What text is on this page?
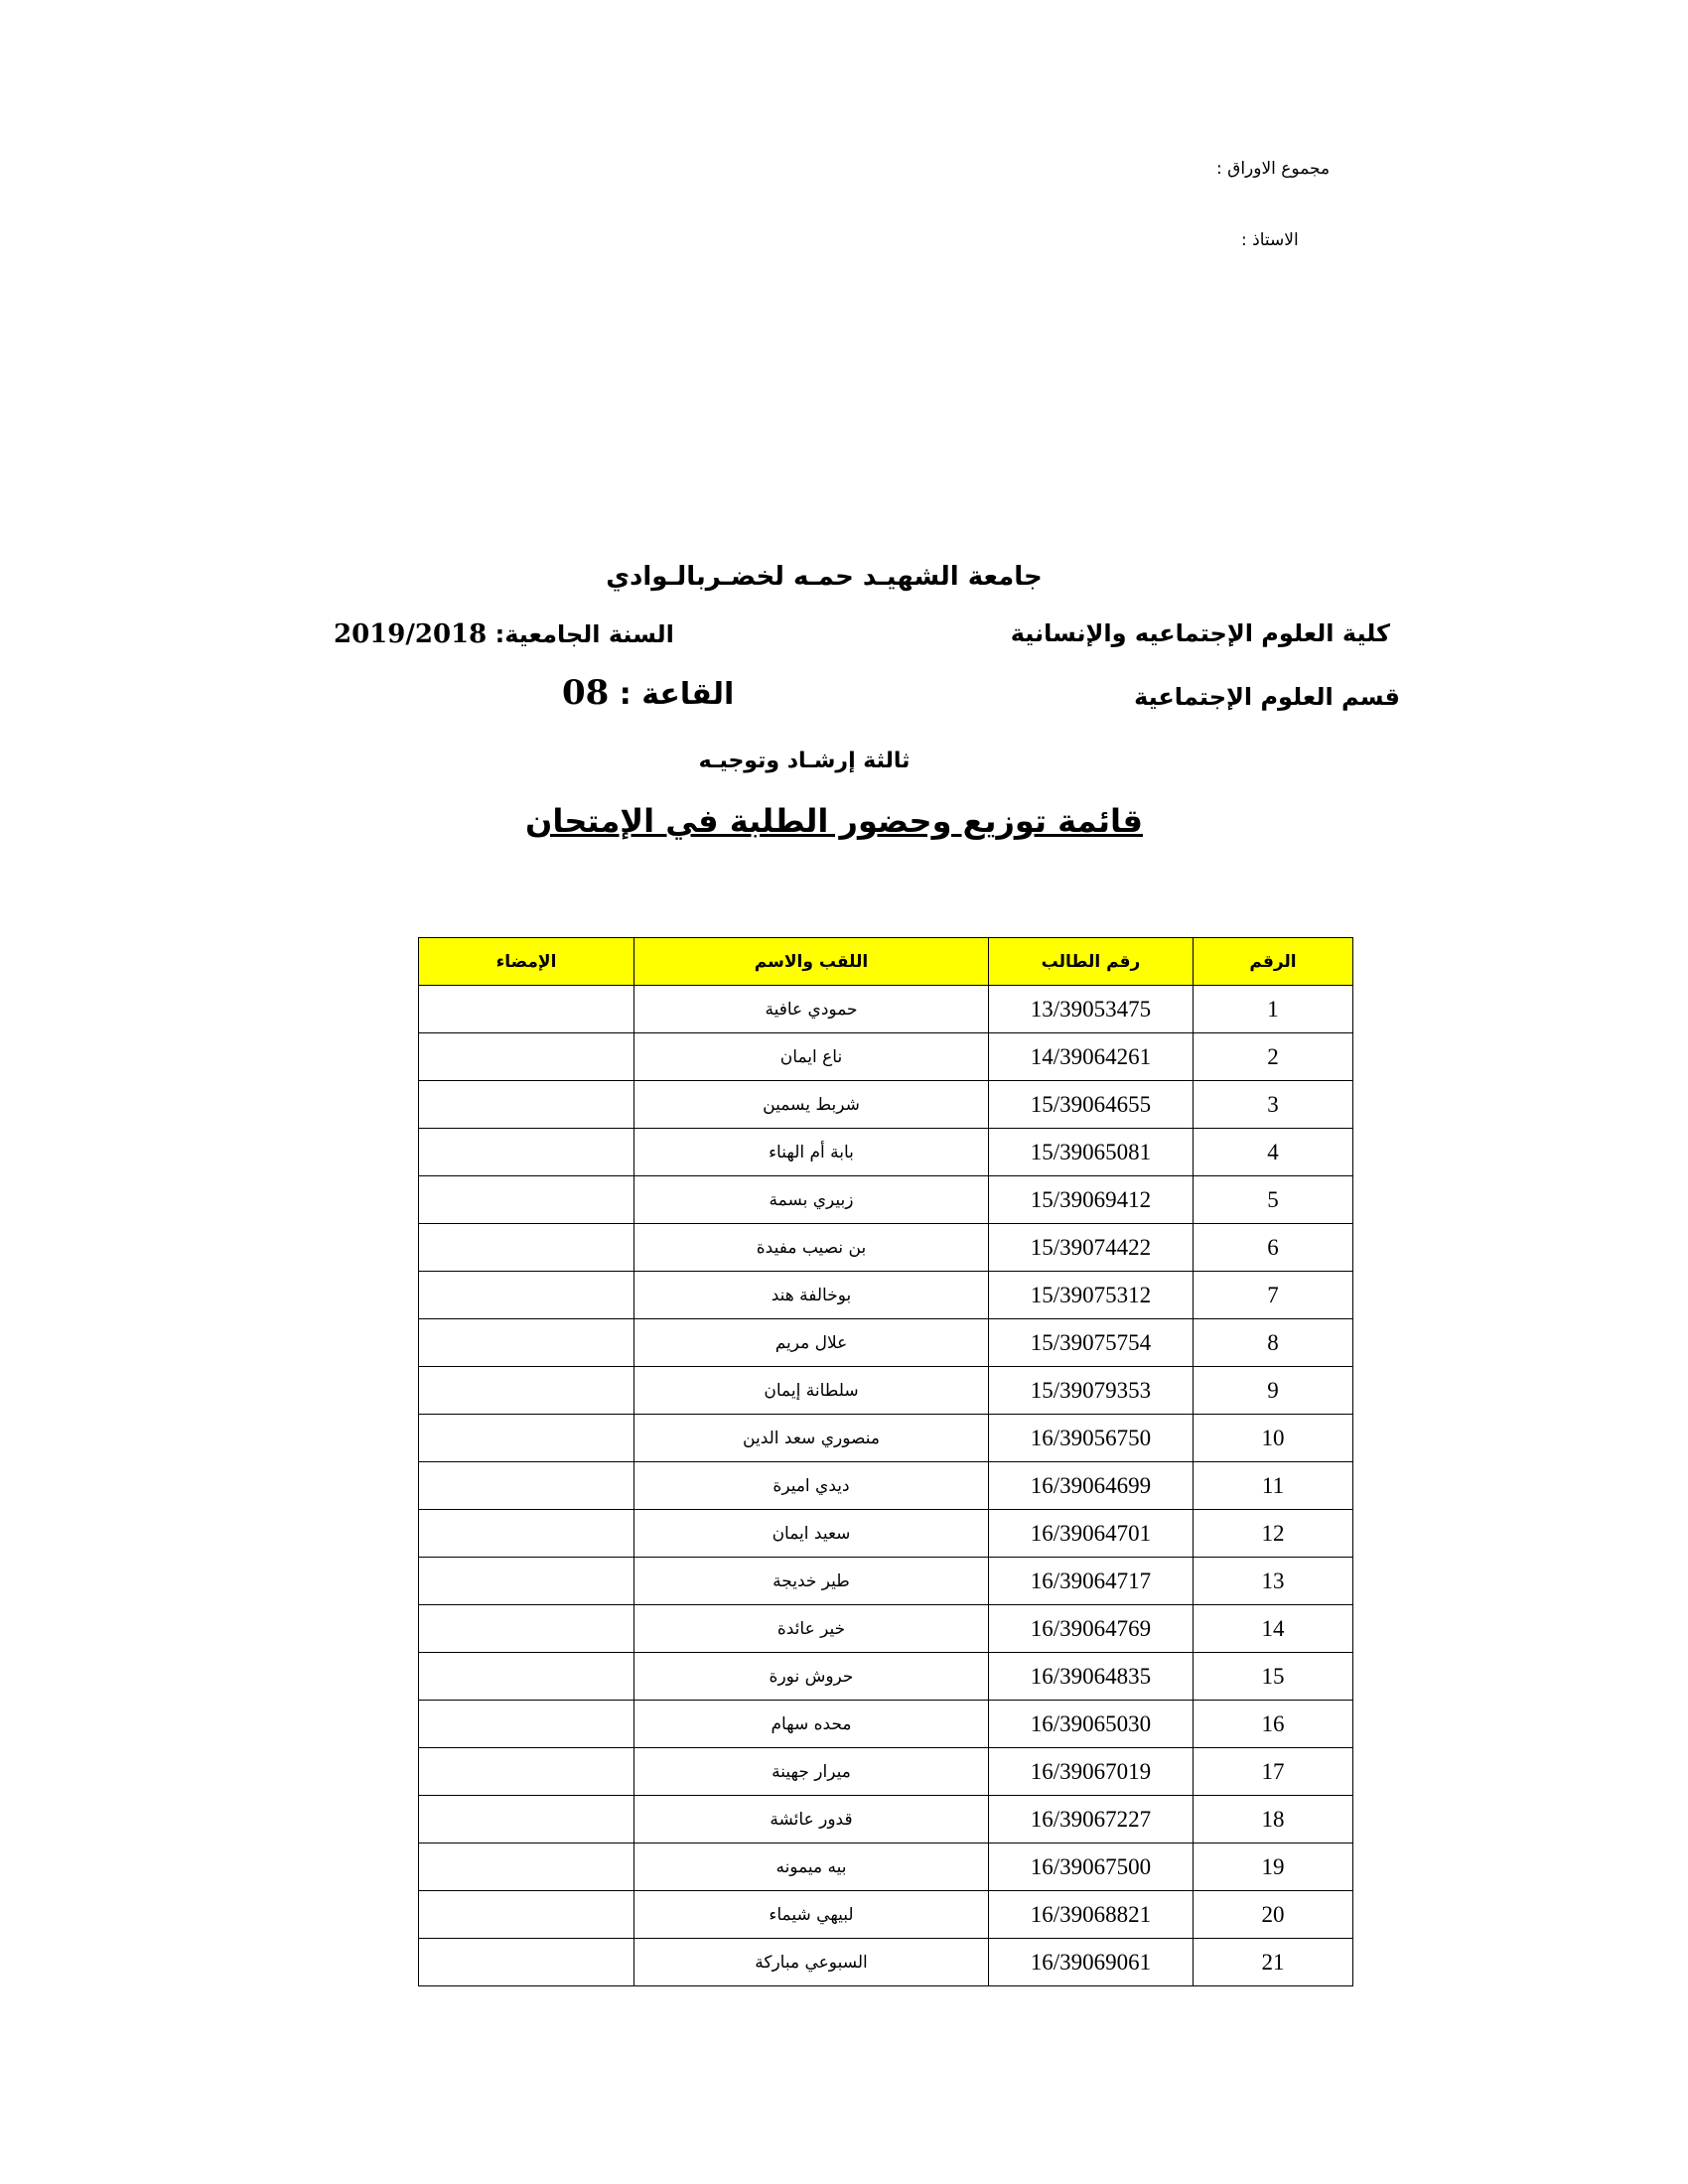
مجموع الاوراق :
الاستاذ :
جامعة الشهيـد حمـه لخضـربالـوادي
كلية العلوم الإجتماعيه والإنسانية
السنة الجامعية: 2019/2018
قسم العلوم الإجتماعية
القاعة : 08
ثالثة إرشـاد وتوجيـه
قائمة توزيع وحضور الطلبة في الإمتحان
الرقم	رقم الطالب	اللقب والاسم	الإمضاء
1	13/39053475	حمودي عافية	
2	14/39064261	ناع ايمان	
3	15/39064655	شربط يسمين	
4	15/39065081	بابة أم الهناء	
5	15/39069412	زبيري بسمة	
6	15/39074422	بن نصيب مفيدة	
7	15/39075312	بوخالفة هند	
8	15/39075754	علال مريم	
9	15/39079353	سلطانة إيمان	
10	16/39056750	منصوري سعد الدين	
11	16/39064699	ديدي اميرة	
12	16/39064701	سعيد ايمان	
13	16/39064717	طير خديجة	
14	16/39064769	خير عائدة	
15	16/39064835	حروش نورة	
16	16/39065030	محده سهام	
17	16/39067019	ميرار جهينة	
18	16/39067227	قدور عائشة	
19	16/39067500	بيه ميمونه	
20	16/39068821	لبيهي شيماء	
21	16/39069061	السبوعي مباركة	
